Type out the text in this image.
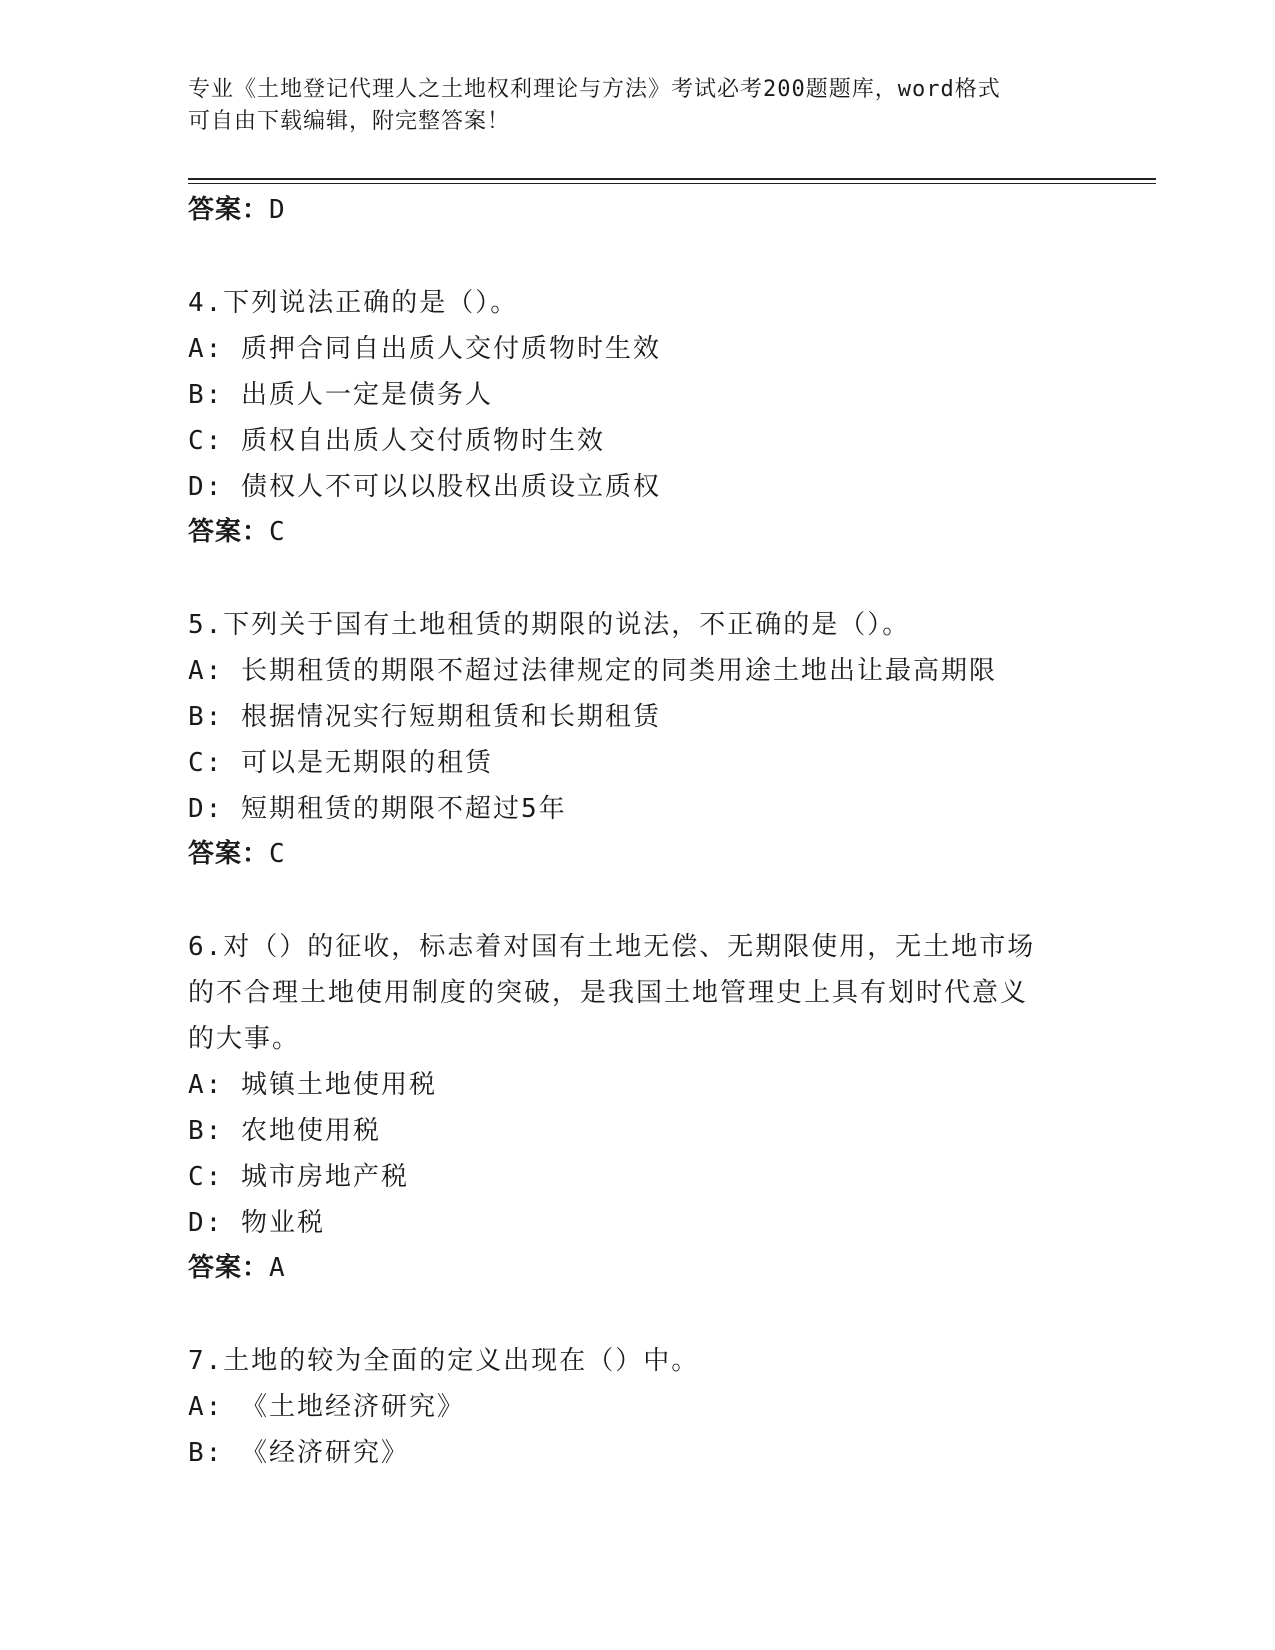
专业《土地登记代理人之土地权利理论与方法》考试必考200题题库，word格式
可自由下载编辑，附完整答案！

答案：D

4.下列说法正确的是（）。

A: 质押合同自出质人交付质物时生效

B: 出质人一定是债务人

C: 质权自出质人交付质物时生效

D: 债权人不可以以股权出质设立质权

答案：C

5.下列关于国有土地租赁的期限的说法，不正确的是（）。

A: 长期租赁的期限不超过法律规定的同类用途土地出让最高期限

B: 根据情况实行短期租赁和长期租赁

C: 可以是无期限的租赁

D: 短期租赁的期限不超过5年

答案：C

6.对（）的征收，标志着对国有土地无偿、无期限使用，无土地市场

的不合理土地使用制度的突破，是我国土地管理史上具有划时代意义

的大事。

A: 城镇土地使用税

B: 农地使用税

C: 城市房地产税

D: 物业税

答案：A

7.土地的较为全面的定义出现在（）中。

A: 《土地经济研究》

B: 《经济研究》
